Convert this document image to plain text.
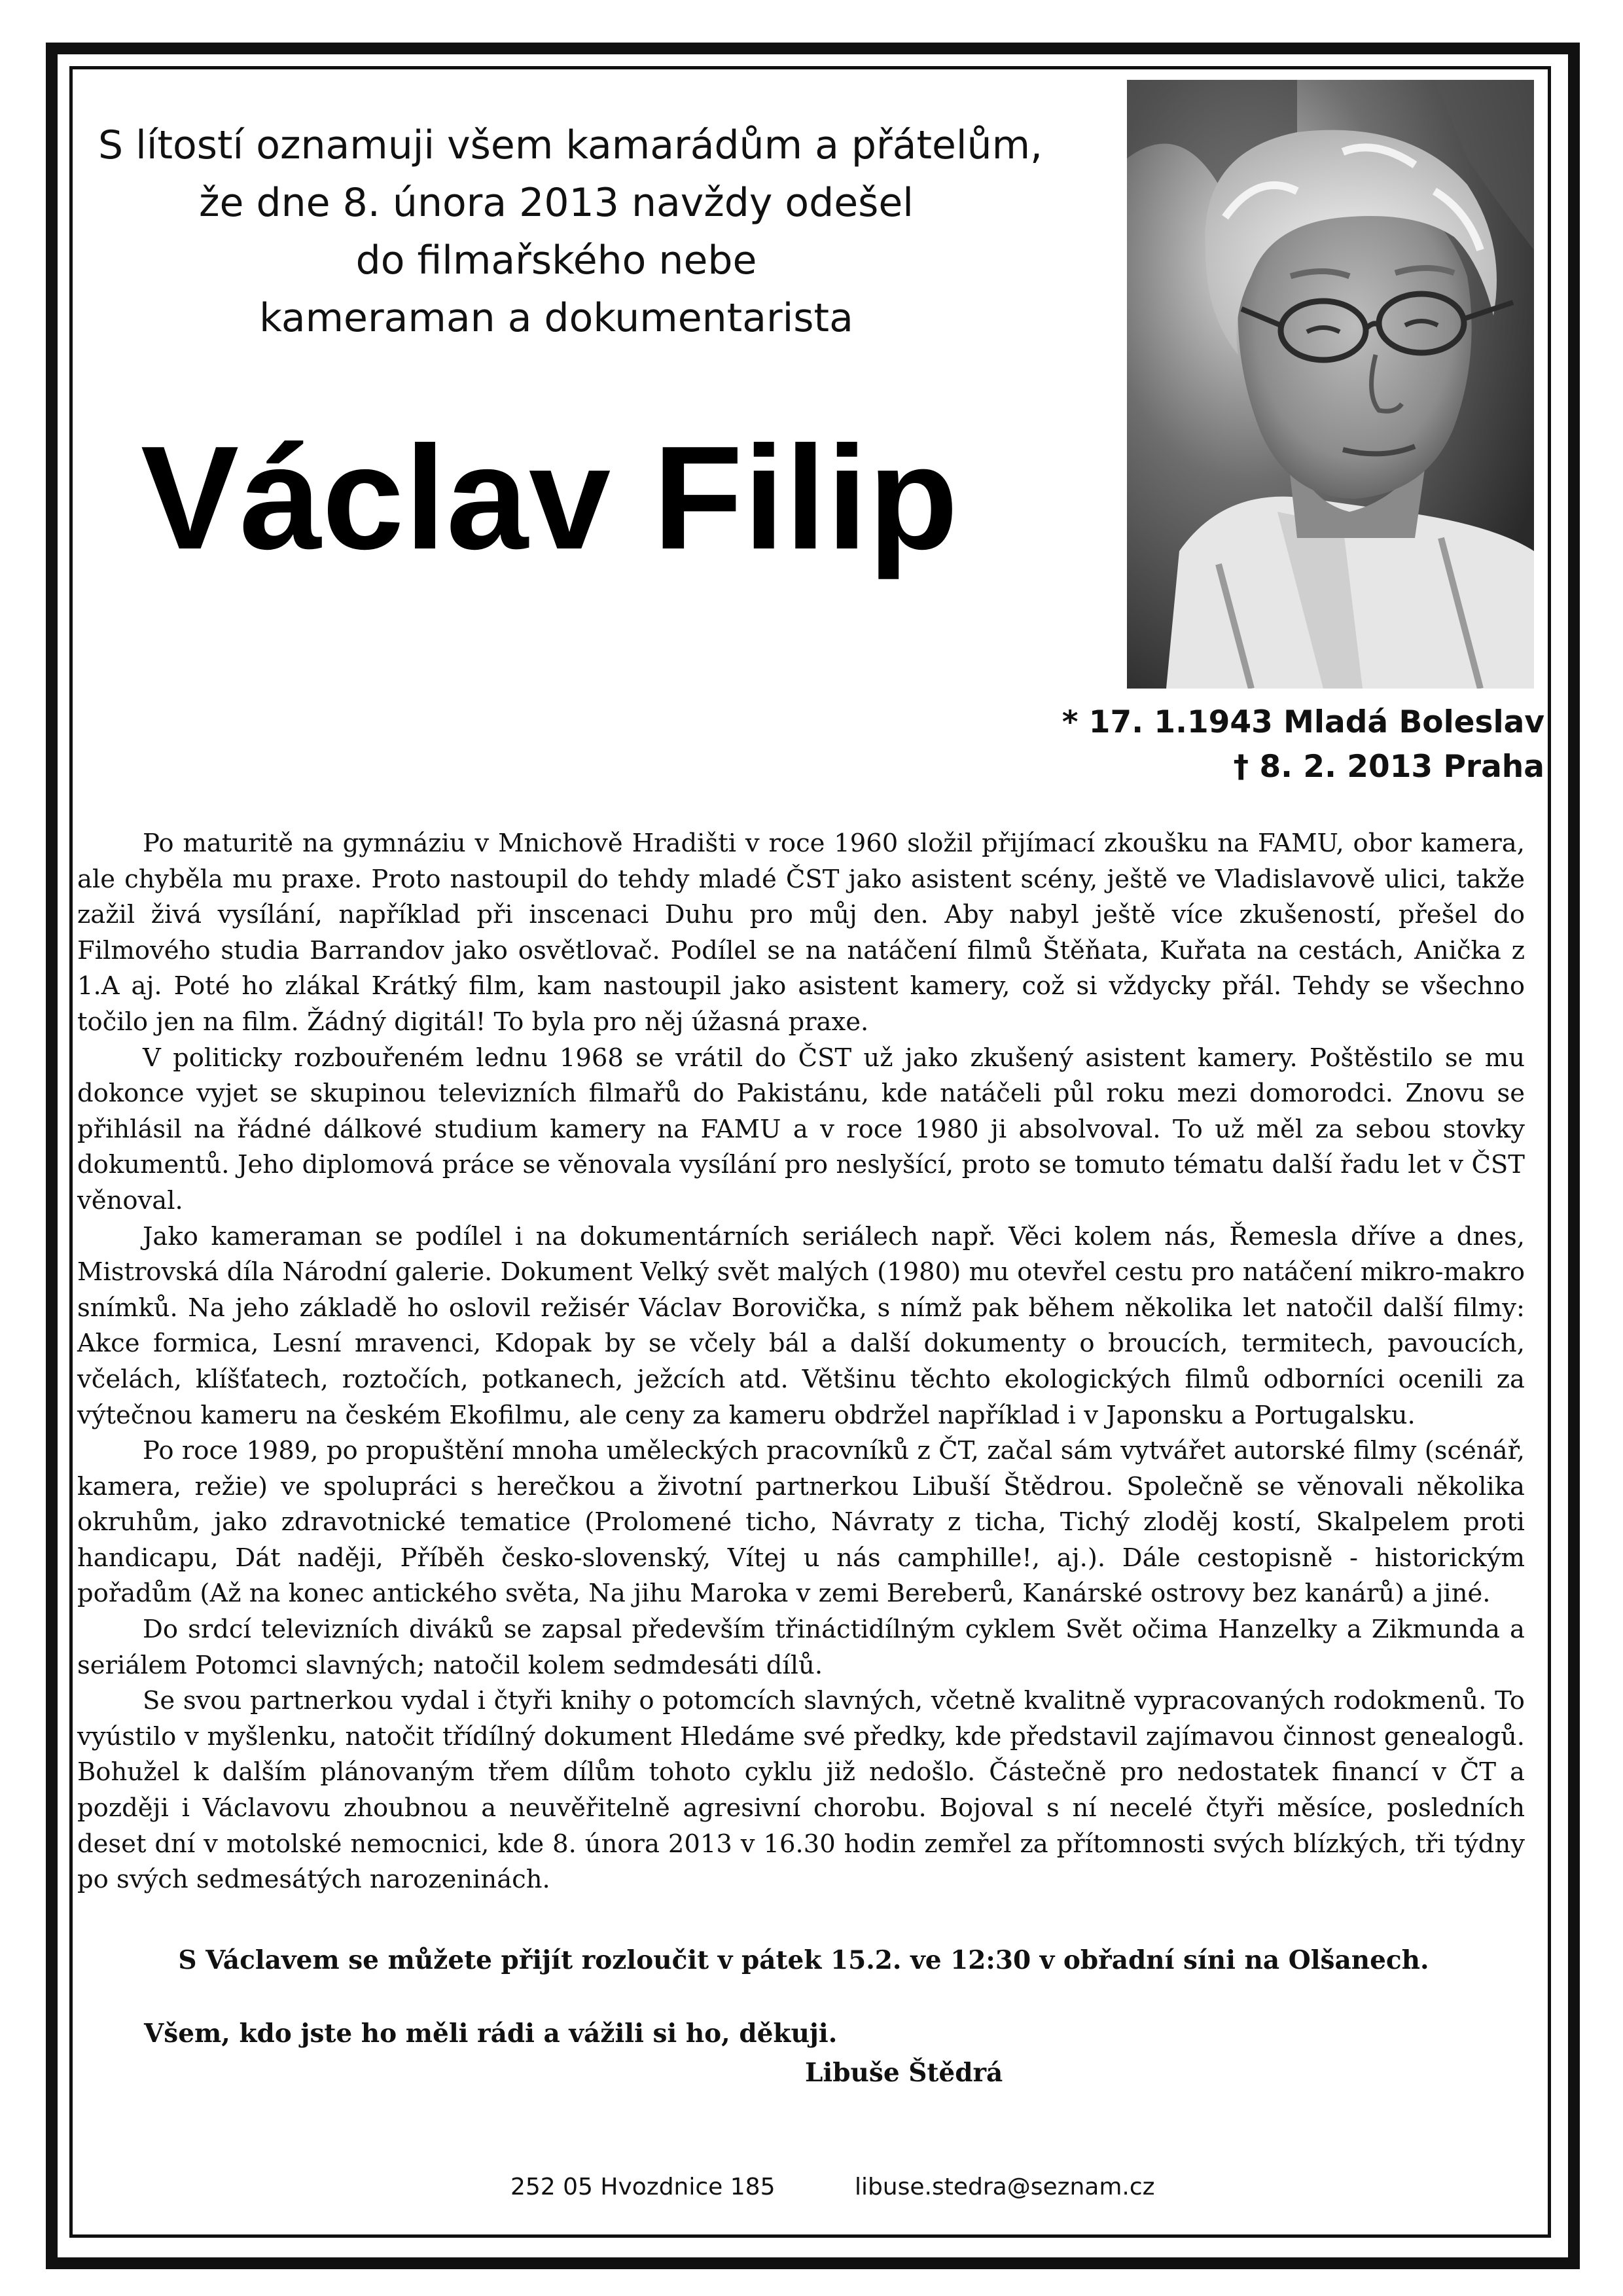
S lítostí oznamuji všem kamarádům a přátelům,
že dne 8. února 2013 navždy odešel
do filmařského nebe
kameraman a dokumentarista
Václav Filip
* 17. 1.1943 Mladá Boleslav
† 8. 2. 2013 Praha

Po maturitě na gymnáziu v Mnichově Hradišti v roce 1960 složil přijímací zkoušku na FAMU, obor kamera, ale chyběla mu praxe. Proto nastoupil do tehdy mladé ČST jako asistent scény, ještě ve Vladislavově ulici, takže zažil živá vysílání, například při inscenaci Duhu pro můj den. Aby nabyl ještě více zkušeností, přešel do Filmového studia Barrandov jako osvětlovač. Podílel se na natáčení filmů Štěňata, Kuřata na cestách, Anička z 1.A aj. Poté ho zlákal Krátký film, kam nastoupil jako asistent kamery, což si vždycky přál. Tehdy se všechno točilo jen na film. Žádný digitál! To byla pro něj úžasná praxe.

V politicky rozbouřeném lednu 1968 se vrátil do ČST už jako zkušený asistent kamery. Poštěstilo se mu dokonce vyjet se skupinou televizních filmařů do Pakistánu, kde natáčeli půl roku mezi domorodci. Znovu se přihlásil na řádné dálkové studium kamery na FAMU a v roce 1980 ji absolvoval. To už měl za sebou stovky dokumentů. Jeho diplomová práce se věnovala vysílání pro neslyšící, proto se tomuto tématu další řadu let v ČST věnoval.

Jako kameraman se podílel i na dokumentárních seriálech např. Věci kolem nás, Řemesla dříve a dnes, Mistrovská díla Národní galerie. Dokument Velký svět malých (1980) mu otevřel cestu pro natáčení mikro-makro snímků. Na jeho základě ho oslovil režisér Václav Borovička, s nímž pak během několika let natočil další filmy: Akce formica, Lesní mravenci, Kdopak by se včely bál a další dokumenty o broucích, termitech, pavoucích, včelách, klíšťatech, roztočích, potkanech, ježcích atd. Většinu těchto ekologických filmů odborníci ocenili za výtečnou kameru na českém Ekofilmu, ale ceny za kameru obdržel například i v Japonsku a Portugalsku.

Po roce 1989, po propuštění mnoha uměleckých pracovníků z ČT, začal sám vytvářet autorské filmy (scénář, kamera, režie) ve spolupráci s herečkou a životní partnerkou Libuší Štědrou. Společně se věnovali několika okruhům, jako zdravotnické tematice (Prolomené ticho, Návraty z ticha, Tichý zloděj kostí, Skalpelem proti handicapu, Dát naději, Příběh česko-slovenský, Vítej u nás camphille!, aj.). Dále cestopisně - historickým pořadům (Až na konec antického světa, Na jihu Maroka v zemi Bereberů, Kanárské ostrovy bez kanárů) a jiné.

Do srdcí televizních diváků se zapsal především třináctidílným cyklem Svět očima Hanzelky a Zikmunda a seriálem Potomci slavných; natočil kolem sedmdesáti dílů.

Se svou partnerkou vydal i čtyři knihy o potomcích slavných, včetně kvalitně vypracovaných rodokmenů. To vyústilo v myšlenku, natočit třídílný dokument Hledáme své předky, kde představil zajímavou činnost genealogů. Bohužel k dalším plánovaným třem dílům tohoto cyklu již nedošlo. Částečně pro nedostatek financí v ČT a později i Václavovu zhoubnou a neuvěřitelně agresivní chorobu. Bojoval s ní necelé čtyři měsíce, posledních deset dní v motolské nemocnici, kde 8. února 2013 v 16.30 hodin zemřel za přítomnosti svých blízkých, tři týdny po svých sedmesátých narozeninách.

S Václavem se můžete přijít rozloučit v pátek 15.2. ve 12:30 v obřadní síni na Olšanech.
Všem, kdo jste ho měli rádi a vážili si ho, děkuji.
Libuše Štědrá
252 05 Hvozdnice 185	libuse.stedra@seznam.cz
